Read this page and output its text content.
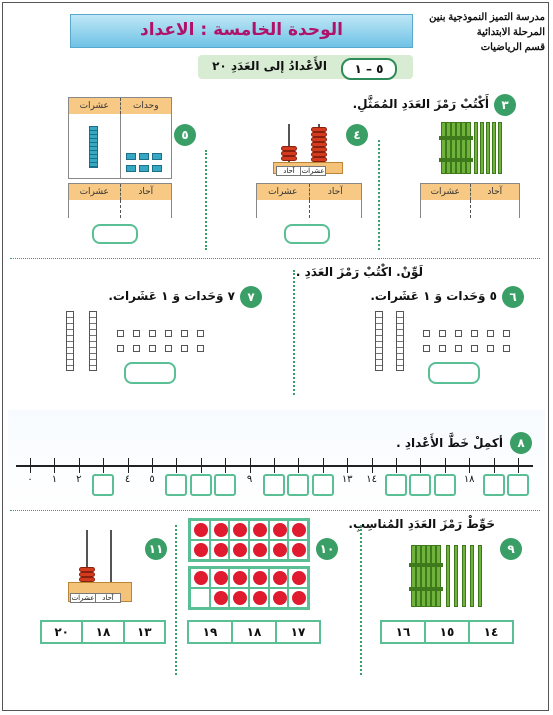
مدرسة التميز النموذجية بنين
المرحلة الابتدائية
قسم الرياضيات
الوحدة الخامسة : الاعداد
٥ – ١
الأَعْدادُ إلى العَدَدِ ٢٠
٣
أَكْتُبْ رَمْزَ العَدَدِ المُمَثَّلِ.
٤
٥
عشرات	آحاد
آحاد عشرات
عشرات	آحاد
عشرات	وحدات
عشرات	آحاد
لَوِّنْ. اكْتُبْ رَمْزَ العَدَدِ .
٦
٥ وَحَدات وَ ١ عَشَرات.
٧
٧ وَحَدات وَ ١ عَشَرات.
٨
أكمِلْ خَطَّ الأَعْدادِ .
٠	١	٢	٤	٥	٩	١٣ ١٤	١٨
حَوِّطْ رَمْزَ العَدَدِ المُناسِبِ.
٩
١٠
١١
١٦	١٥	١٤
١٩	١٨	١٧
عشرات	آحاد
٢٠	١٨	١٣
